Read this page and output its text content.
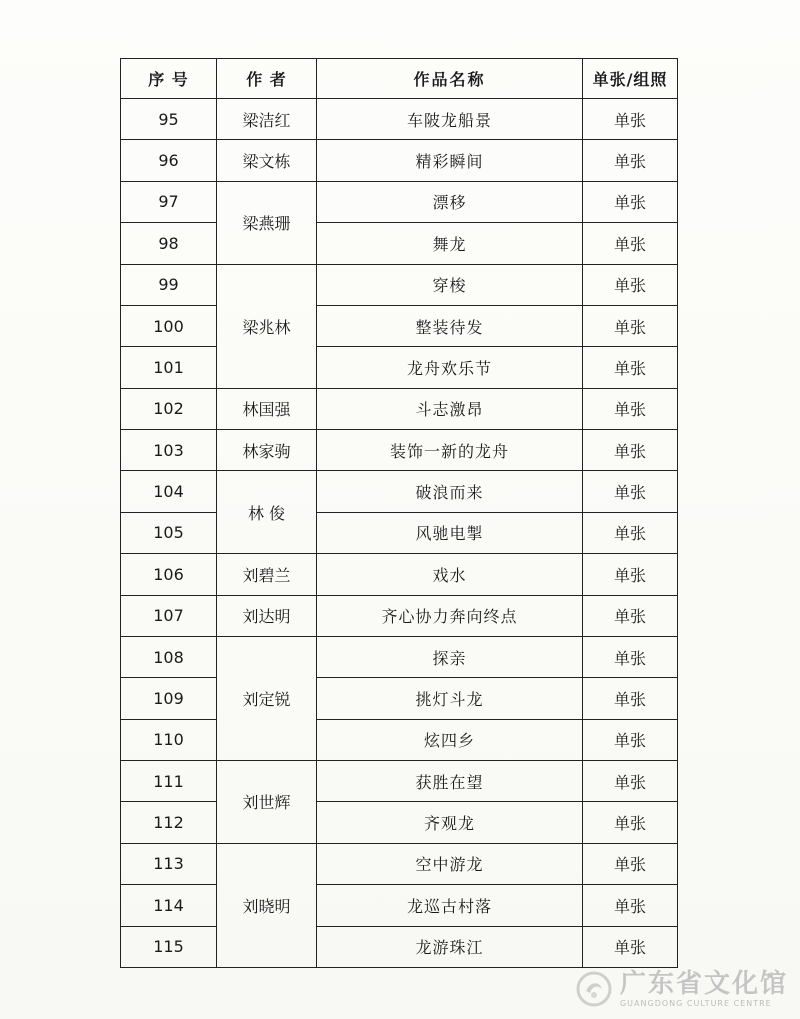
序 号	作 者	作品名称	单张/组照
95	梁洁红	车陂龙船景	单张
96	梁文栋	精彩瞬间	单张
97	梁燕珊	漂移	单张
98		舞龙	单张
99	梁兆林	穿梭	单张
100		整装待发	单张
101		龙舟欢乐节	单张
102	林国强	斗志激昂	单张
103	林家驹	装饰一新的龙舟	单张
104	林 俊	破浪而来	单张
105		风驰电掣	单张
106	刘碧兰	戏水	单张
107	刘达明	齐心协力奔向终点	单张
108	刘定锐	探亲	单张
109		挑灯斗龙	单张
110		炫四乡	单张
111	刘世辉	获胜在望	单张
112		齐观龙	单张
113	刘晓明	空中游龙	单张
114		龙巡古村落	单张
115		龙游珠江	单张
广东省文化馆
GUANGDONG CULTURE CENTRE
